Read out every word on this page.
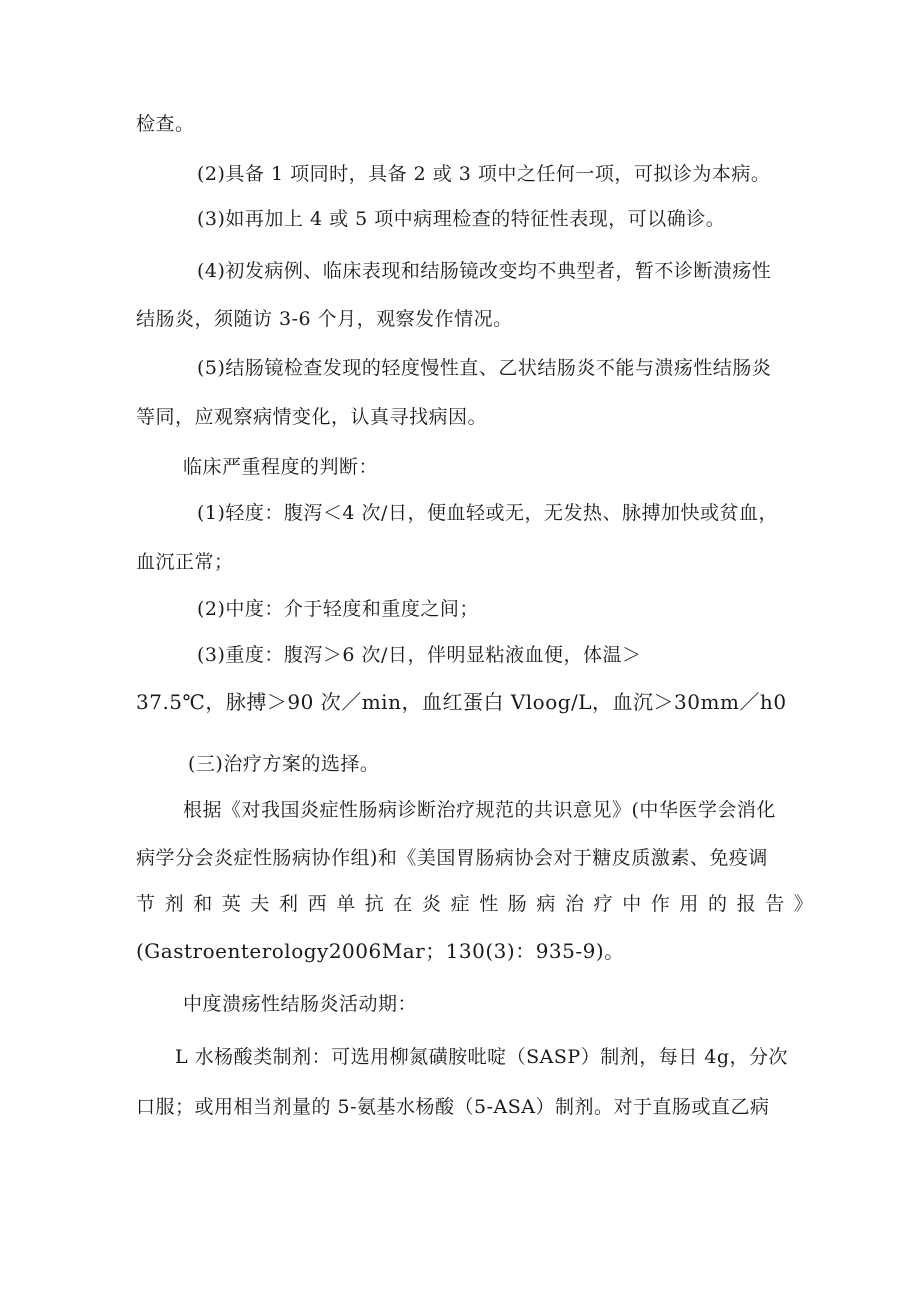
检查。
(2)具备 1 项同时，具备 2 或 3 项中之任何一项，可拟诊为本病。
(3)如再加上 4 或 5 项中病理检查的特征性表现，可以确诊。
(4)初发病例、临床表现和结肠镜改变均不典型者，暂不诊断溃疡性
结肠炎，须随访 3-6 个月，观察发作情况。
(5)结肠镜检查发现的轻度慢性直、乙状结肠炎不能与溃疡性结肠炎
等同，应观察病情变化，认真寻找病因。
临床严重程度的判断：
(1)轻度：腹泻＜4 次/日，便血轻或无，无发热、脉搏加快或贫血，
血沉正常；
(2)中度：介于轻度和重度之间；
(3)重度：腹泻＞6 次/日，伴明显粘液血便，体温＞
37.5℃，脉搏＞90 次／min，血红蛋白 Vloog/L，血沉＞30mm／h0
(三)治疗方案的选择。
根据《对我国炎症性肠病诊断治疗规范的共识意见》(中华医学会消化
病学分会炎症性肠病协作组)和《美国胃肠病协会对于糖皮质激素、免疫调
节剂和英夫利西单抗在炎症性肠病治疗中作用的报告》
(Gastroenterology2006Mar；130(3)：935-9)。
中度溃疡性结肠炎活动期：
L 水杨酸类制剂：可选用柳氮磺胺吡啶（SASP）制剂，每日 4g，分次
口服；或用相当剂量的 5-氨基水杨酸（5-ASA）制剂。对于直肠或直乙病
